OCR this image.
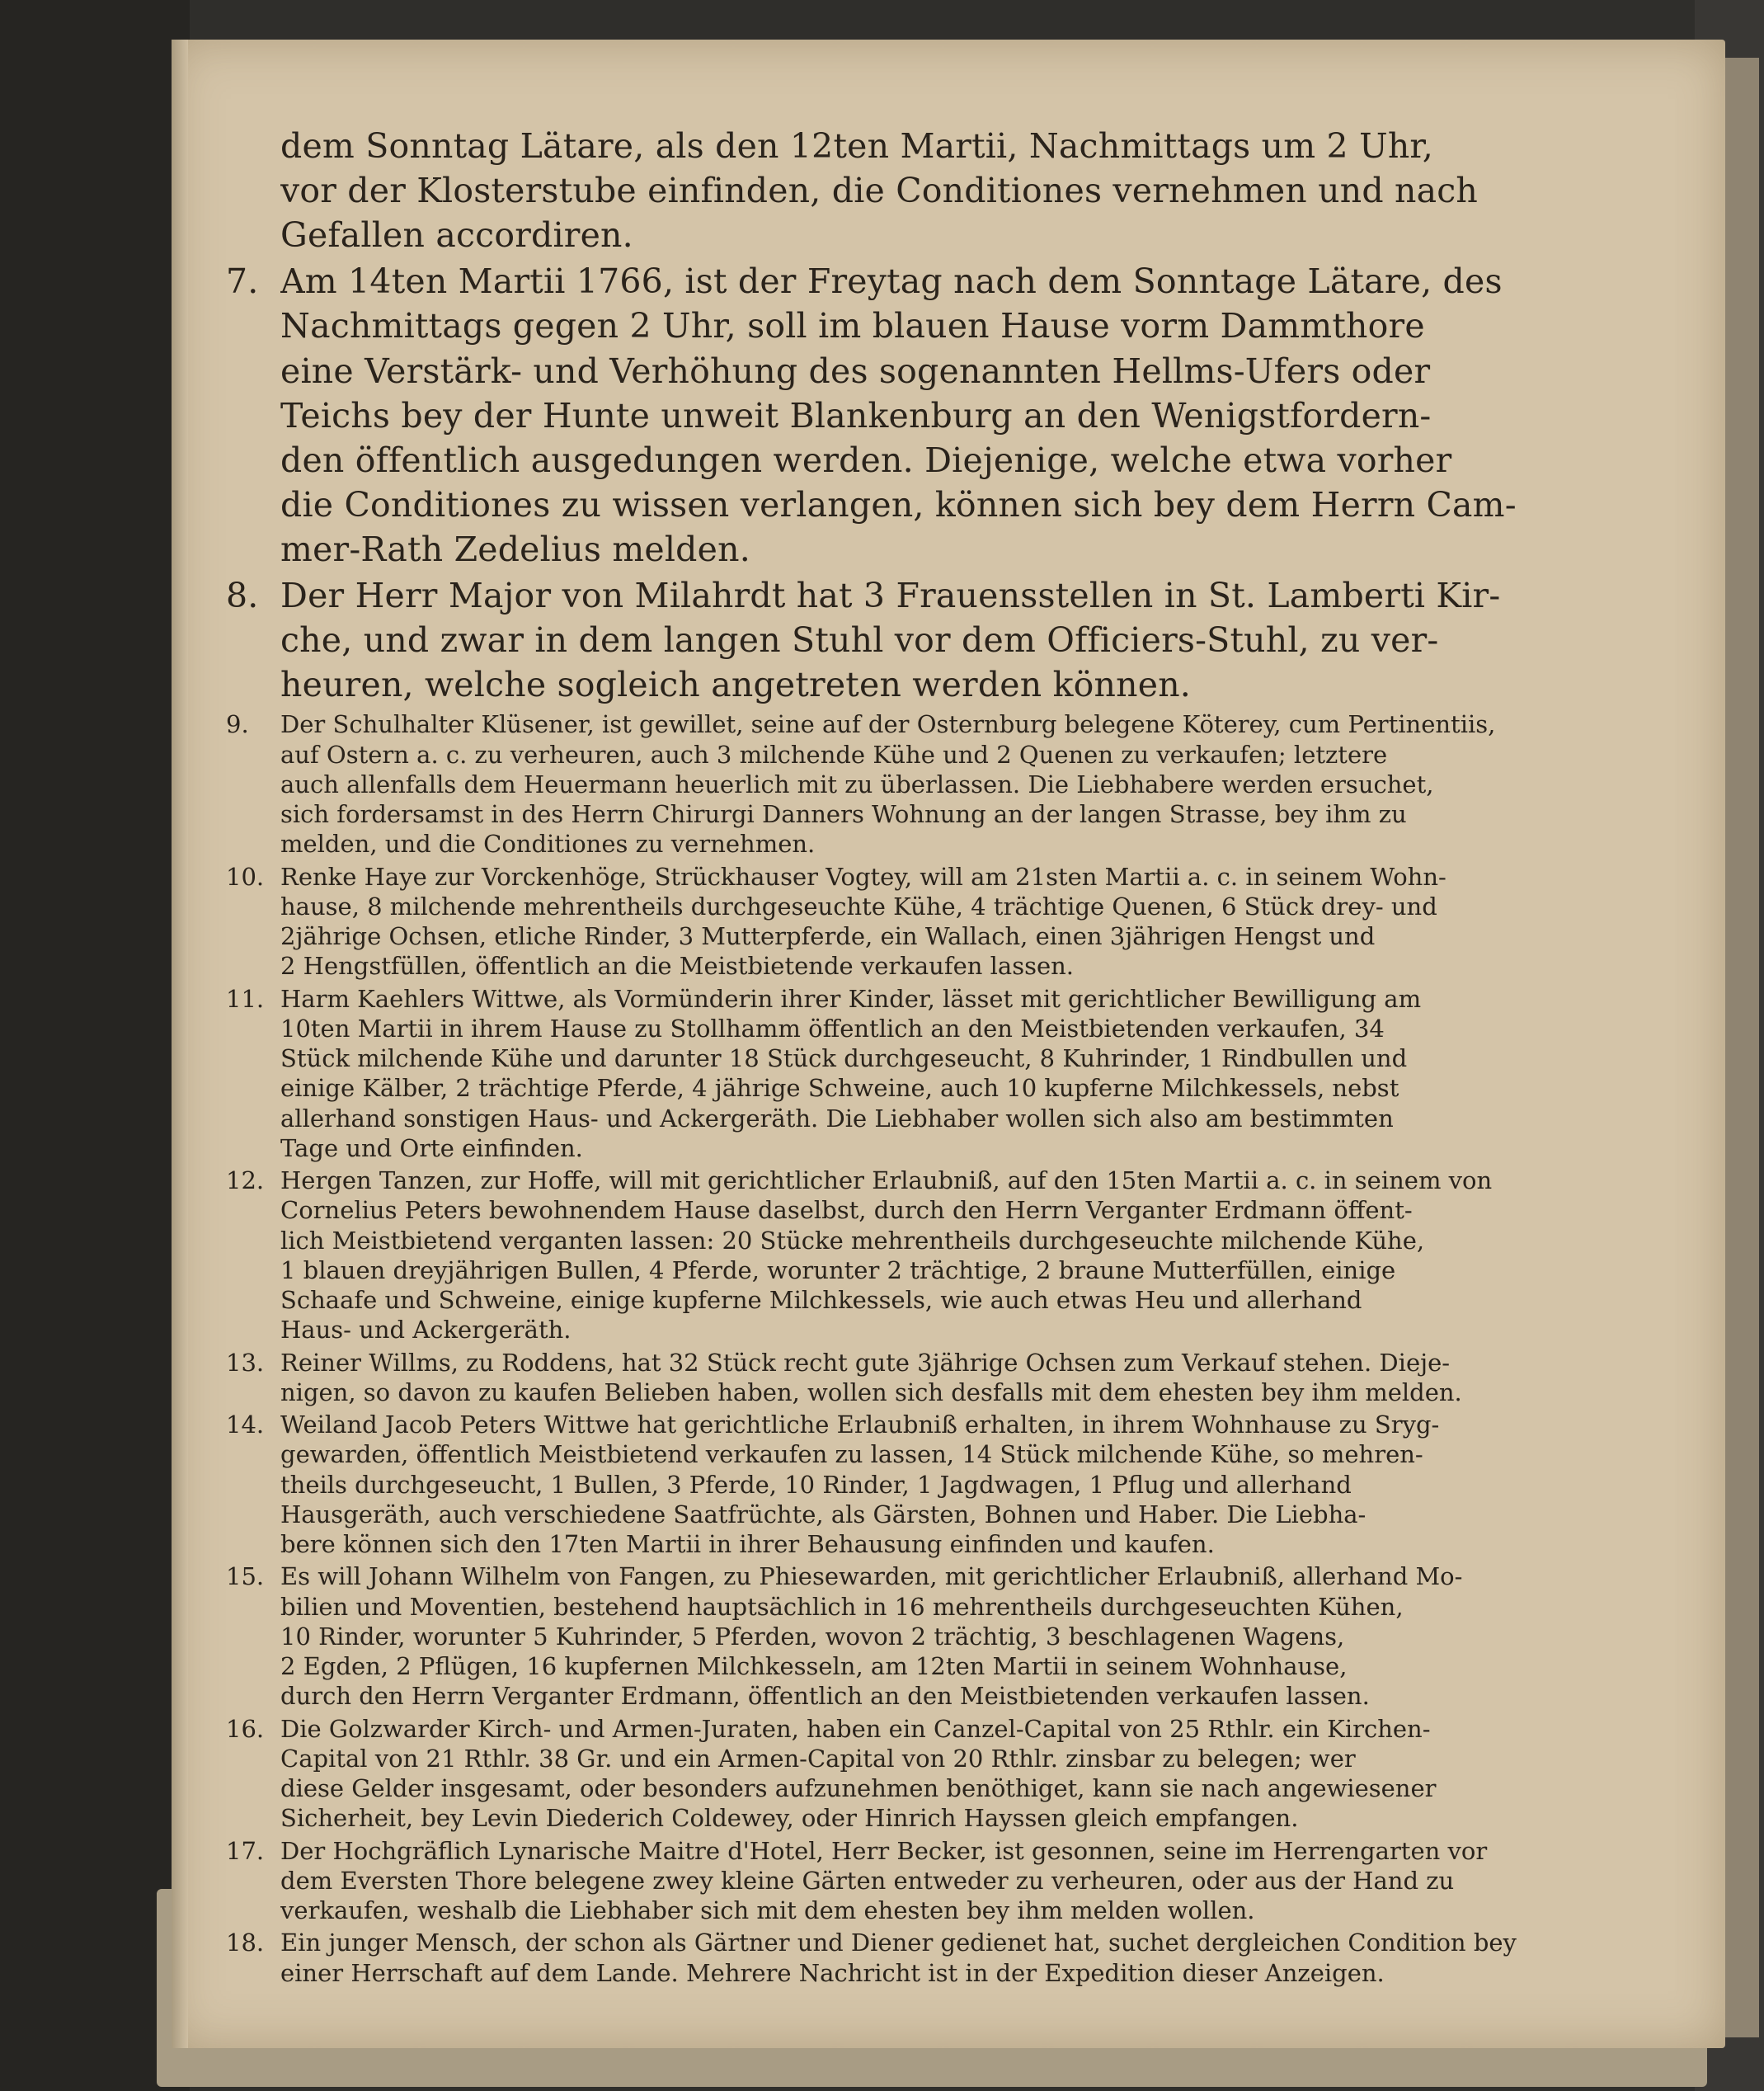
dem Sonntag Lätare, als den 12ten Martii, Nachmittags um 2 Uhr,
vor der Klosterstube einfinden, die Conditiones vernehmen und nach
Gefallen accordiren.
7. Am 14ten Martii 1766, ist der Freytag nach dem Sonntage Lätare, des
Nachmittags gegen 2 Uhr, soll im blauen Hause vorm Dammthore
eine Verstärk- und Verhöhung des sogenannten Hellms-Ufers oder
Teichs bey der Hunte unweit Blankenburg an den Wenigstfordern-
den öffentlich ausgedungen werden. Diejenige, welche etwa vorher
die Conditiones zu wissen verlangen, können sich bey dem Herrn Cam-
mer-Rath Zedelius melden.
8. Der Herr Major von Milahrdt hat 3 Frauensstellen in St. Lamberti Kir-
che, und zwar in dem langen Stuhl vor dem Officiers-Stuhl, zu ver-
heuren, welche sogleich angetreten werden können.
9. Der Schulhalter Klüsener, ist gewillet, seine auf der Osternburg belegene Köterey, cum Pertinentiis,
auf Ostern a. c. zu verheuren, auch 3 milchende Kühe und 2 Quenen zu verkaufen; letztere
auch allenfalls dem Heuermann heuerlich mit zu überlassen. Die Liebhabere werden ersuchet,
sich fordersamst in des Herrn Chirurgi Danners Wohnung an der langen Strasse, bey ihm zu
melden, und die Conditiones zu vernehmen.
10. Renke Haye zur Vorckenhöge, Strückhauser Vogtey, will am 21sten Martii a. c. in seinem Wohn-
hause, 8 milchende mehrentheils durchgeseuchte Kühe, 4 trächtige Quenen, 6 Stück drey- und
2jährige Ochsen, etliche Rinder, 3 Mutterpferde, ein Wallach, einen 3jährigen Hengst und
2 Hengstfüllen, öffentlich an die Meistbietende verkaufen lassen.
11. Harm Kaehlers Wittwe, als Vormünderin ihrer Kinder, lässet mit gerichtlicher Bewilligung am
10ten Martii in ihrem Hause zu Stollhamm öffentlich an den Meistbietenden verkaufen, 34
Stück milchende Kühe und darunter 18 Stück durchgeseucht, 8 Kuhrinder, 1 Rindbullen und
einige Kälber, 2 trächtige Pferde, 4 jährige Schweine, auch 10 kupferne Milchkessels, nebst
allerhand sonstigen Haus- und Ackergeräth. Die Liebhaber wollen sich also am bestimmten
Tage und Orte einfinden.
12. Hergen Tanzen, zur Hoffe, will mit gerichtlicher Erlaubniß, auf den 15ten Martii a. c. in seinem von
Cornelius Peters bewohnendem Hause daselbst, durch den Herrn Verganter Erdmann öffent-
lich Meistbietend verganten lassen: 20 Stücke mehrentheils durchgeseuchte milchende Kühe,
1 blauen dreyjährigen Bullen, 4 Pferde, worunter 2 trächtige, 2 braune Mutterfüllen, einige
Schaafe und Schweine, einige kupferne Milchkessels, wie auch etwas Heu und allerhand
Haus- und Ackergeräth.
13. Reiner Willms, zu Roddens, hat 32 Stück recht gute 3jährige Ochsen zum Verkauf stehen. Dieje-
nigen, so davon zu kaufen Belieben haben, wollen sich desfalls mit dem ehesten bey ihm melden.
14. Weiland Jacob Peters Wittwe hat gerichtliche Erlaubniß erhalten, in ihrem Wohnhause zu Sryg-
gewarden, öffentlich Meistbietend verkaufen zu lassen, 14 Stück milchende Kühe, so mehren-
theils durchgeseucht, 1 Bullen, 3 Pferde, 10 Rinder, 1 Jagdwagen, 1 Pflug und allerhand
Hausgeräth, auch verschiedene Saatfrüchte, als Gärsten, Bohnen und Haber. Die Liebha-
bere können sich den 17ten Martii in ihrer Behausung einfinden und kaufen.
15. Es will Johann Wilhelm von Fangen, zu Phiesewarden, mit gerichtlicher Erlaubniß, allerhand Mo-
bilien und Moventien, bestehend hauptsächlich in 16 mehrentheils durchgeseuchten Kühen,
10 Rinder, worunter 5 Kuhrinder, 5 Pferden, wovon 2 trächtig, 3 beschlagenen Wagens,
2 Egden, 2 Pflügen, 16 kupfernen Milchkesseln, am 12ten Martii in seinem Wohnhause,
durch den Herrn Verganter Erdmann, öffentlich an den Meistbietenden verkaufen lassen.
16. Die Golzwarder Kirch- und Armen-Juraten, haben ein Canzel-Capital von 25 Rthlr. ein Kirchen-
Capital von 21 Rthlr. 38 Gr. und ein Armen-Capital von 20 Rthlr. zinsbar zu belegen; wer
diese Gelder insgesamt, oder besonders aufzunehmen benöthiget, kann sie nach angewiesener
Sicherheit, bey Levin Diederich Coldewey, oder Hinrich Hayssen gleich empfangen.
17. Der Hochgräflich Lynarische Maitre d'Hotel, Herr Becker, ist gesonnen, seine im Herrengarten vor
dem Eversten Thore belegene zwey kleine Gärten entweder zu verheuren, oder aus der Hand zu
verkaufen, weshalb die Liebhaber sich mit dem ehesten bey ihm melden wollen.
18. Ein junger Mensch, der schon als Gärtner und Diener gedienet hat, suchet dergleichen Condition bey
einer Herrschaft auf dem Lande. Mehrere Nachricht ist in der Expedition dieser Anzeigen.
